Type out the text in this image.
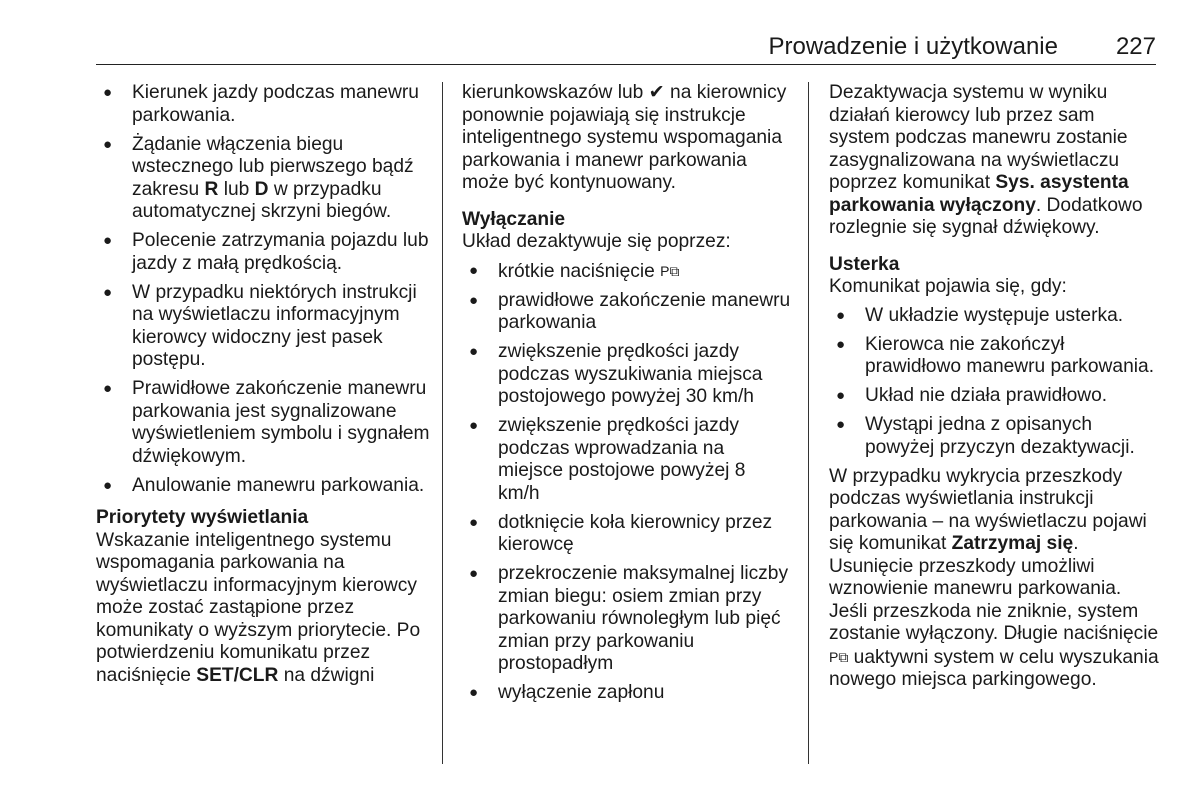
Prowadzenie i użytkowanie 227
● Kierunek jazdy podczas manewru parkowania.
● Żądanie włączenia biegu wstecznego lub pierwszego bądź zakresu R lub D w przypadku automatycznej skrzyni biegów.
● Polecenie zatrzymania pojazdu lub jazdy z małą prędkością.
● W przypadku niektórych instrukcji na wyświetlaczu informacyjnym kierowcy widoczny jest pasek postępu.
● Prawidłowe zakończenie manewru parkowania jest sygnalizowane wyświetleniem symbolu i sygnałem dźwiękowym.
● Anulowanie manewru parkowania.
Priorytety wyświetlania

Wskazanie inteligentnego systemu wspomagania parkowania na wyświetlaczu informacyjnym kierowcy może zostać zastąpione przez komunikaty o wyższym priorytecie. Po potwierdzeniu komunikatu przez naciśnięcie SET/CLR na dźwigni

kierunkowskazów lub ✔ na kierownicy ponownie pojawiają się instrukcje inteligentnego systemu wspomagania parkowania i manewr parkowania może być kontynuowany.

Wyłączanie

Układ dezaktywuje się poprzez:

● krótkie naciśnięcie P⧉
● prawidłowe zakończenie manewru parkowania
● zwiększenie prędkości jazdy podczas wyszukiwania miejsca postojowego powyżej 30 km/h
● zwiększenie prędkości jazdy podczas wprowadzania na miejsce postojowe powyżej 8 km/h
● dotknięcie koła kierownicy przez kierowcę
● przekroczenie maksymalnej liczby zmian biegu: osiem zmian przy parkowaniu równoległym lub pięć zmian przy parkowaniu prostopadłym
● wyłączenie zapłonu

Dezaktywacja systemu w wyniku działań kierowcy lub przez sam system podczas manewru zostanie zasygnalizowana na wyświetlaczu poprzez komunikat Sys. asystenta parkowania wyłączony. Dodatkowo rozlegnie się sygnał dźwiękowy.

Usterka

Komunikat pojawia się, gdy:

● W układzie występuje usterka.
● Kierowca nie zakończył prawidłowo manewru parkowania.
● Układ nie działa prawidłowo.
● Wystąpi jedna z opisanych powyżej przyczyn dezaktywacji.

W przypadku wykrycia przeszkody podczas wyświetlania instrukcji parkowania – na wyświetlaczu pojawi się komunikat Zatrzymaj się. Usunięcie przeszkody umożliwi wznowienie manewru parkowania. Jeśli przeszkoda nie zniknie, system zostanie wyłączony. Długie naciśnięcie P⧉ uaktywni system w celu wyszukania nowego miejsca parkingowego.
